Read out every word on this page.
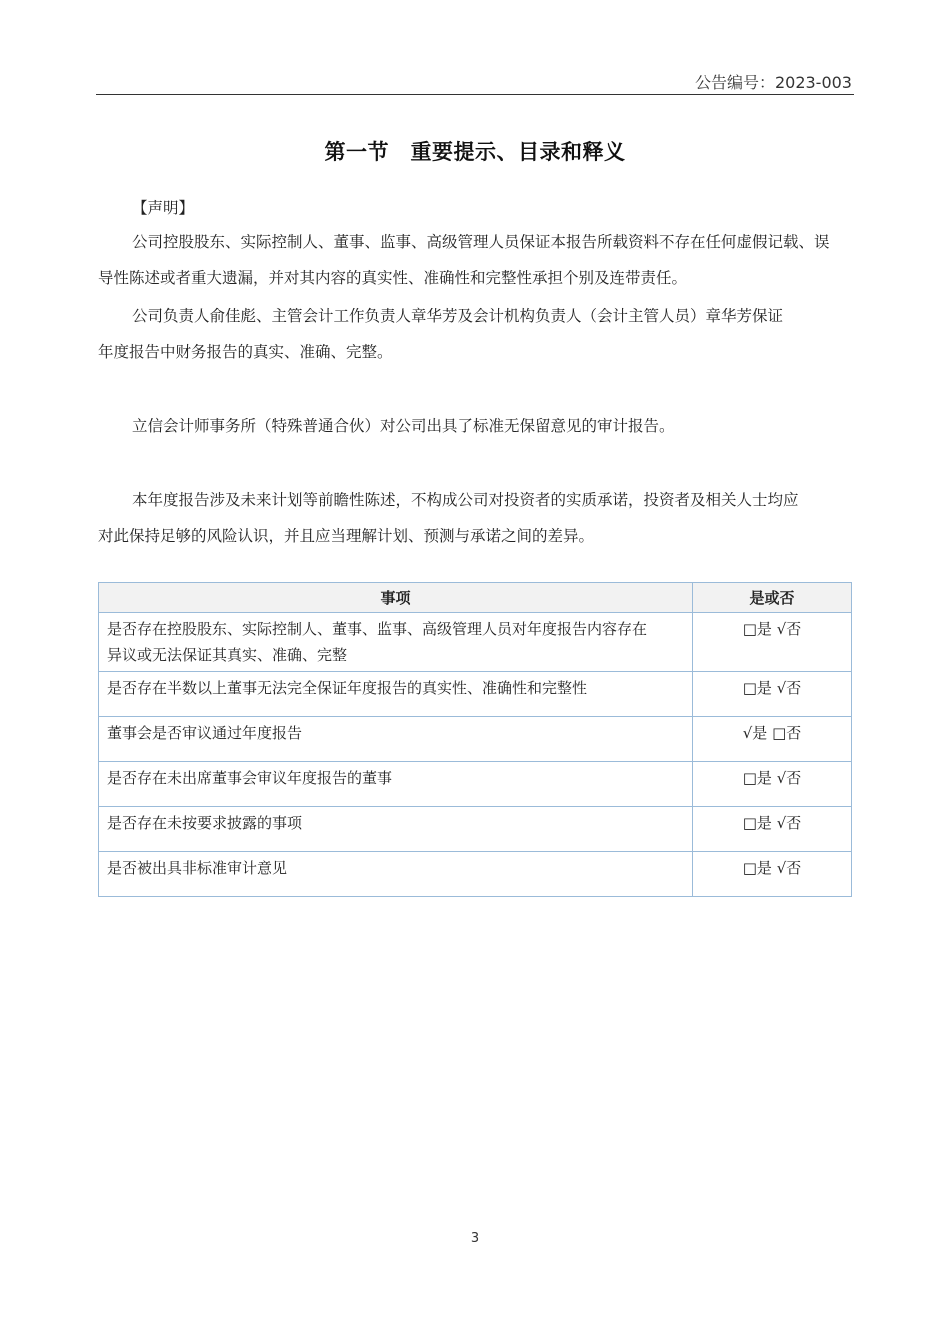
公告编号：2023-003
第一节　重要提示、目录和释义
【声明】
公司控股股东、实际控制人、董事、监事、高级管理人员保证本报告所载资料不存在任何虚假记载、误
导性陈述或者重大遗漏，并对其内容的真实性、准确性和完整性承担个别及连带责任。
公司负责人俞佳彪、主管会计工作负责人章华芳及会计机构负责人（会计主管人员）章华芳保证
年度报告中财务报告的真实、准确、完整。
立信会计师事务所（特殊普通合伙）对公司出具了标准无保留意见的审计报告。
本年度报告涉及未来计划等前瞻性陈述，不构成公司对投资者的实质承诺，投资者及相关人士均应
对此保持足够的风险认识，并且应当理解计划、预测与承诺之间的差异。
事项	是或否

是否存在控股股东、实际控制人、董事、监事、高级管理人员对年度报告内容存在
异议或无法保证其真实、准确、完整	□是 √否
是否存在半数以上董事无法完全保证年度报告的真实性、准确性和完整性	□是 √否
董事会是否审议通过年度报告	√是 □否
是否存在未出席董事会审议年度报告的董事	□是 √否
是否存在未按要求披露的事项	□是 √否
是否被出具非标准审计意见	□是 √否
3
